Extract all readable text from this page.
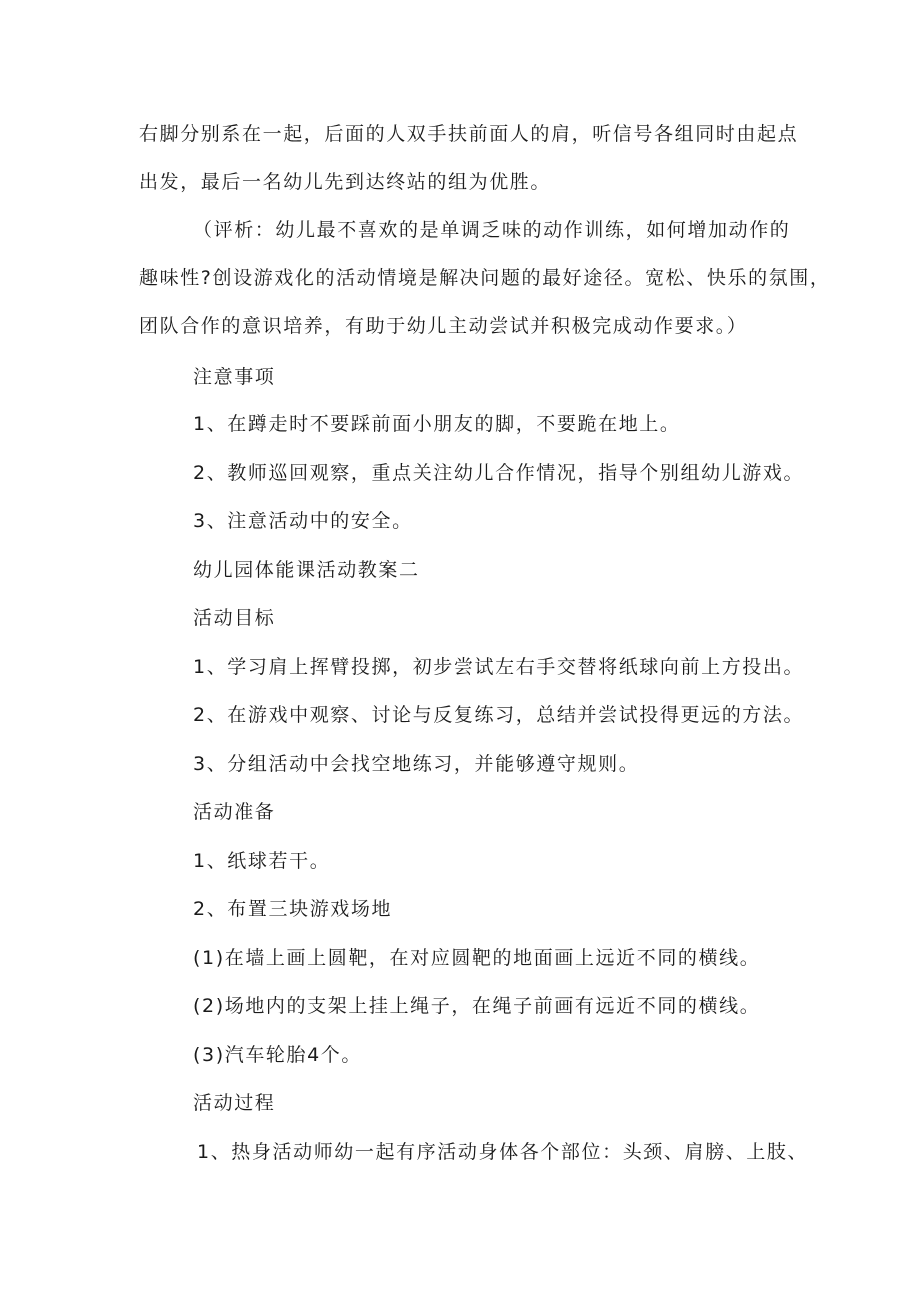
右脚分别系在一起，后面的人双手扶前面人的肩，听信号各组同时由起点
出发，最后一名幼儿先到达终站的组为优胜。
（评析：幼儿最不喜欢的是单调乏味的动作训练，如何增加动作的
趣味性?创设游戏化的活动情境是解决问题的最好途径。宽松、快乐的氛围，
团队合作的意识培养，有助于幼儿主动尝试并积极完成动作要求。）
注意事项
1、在蹲走时不要踩前面小朋友的脚，不要跪在地上。
2、教师巡回观察，重点关注幼儿合作情况，指导个别组幼儿游戏。
3、注意活动中的安全。
幼儿园体能课活动教案二
活动目标
1、学习肩上挥臂投掷，初步尝试左右手交替将纸球向前上方投出。
2、在游戏中观察、讨论与反复练习，总结并尝试投得更远的方法。
3、分组活动中会找空地练习，并能够遵守规则。
活动准备
1、纸球若干。
2、布置三块游戏场地
(1)在墙上画上圆靶，在对应圆靶的地面画上远近不同的横线。
(2)场地内的支架上挂上绳子，在绳子前画有远近不同的横线。
(3)汽车轮胎4个。
活动过程
1、热身活动师幼一起有序活动身体各个部位：头颈、肩膀、上肢、
